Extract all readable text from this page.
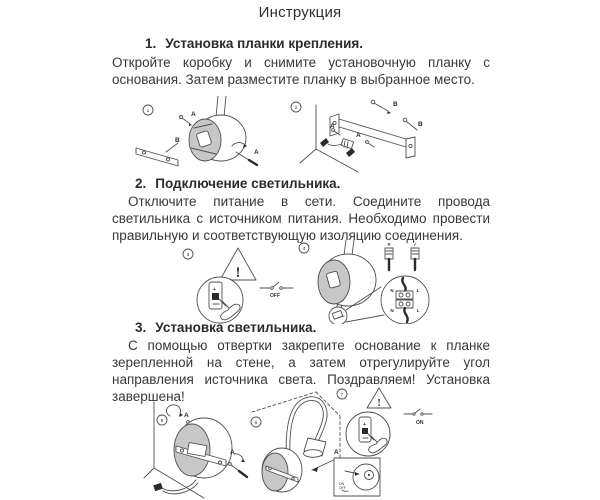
Инструкция
1. Установка планки крепления.

Откройте коробку и снимите установочную планку с основания. Затем разместите планку в выбранное место.

1	A
B
A
2
B
B
A
A
2. Подключение светильника.

Отключите питание в сети. Соедините провода светильника с источником питания. Необходимо провести правильную и соответствующую изоляцию соединения.

3
!
OFF
+
4
N	L
N	L
✕	✓
3. Установка светильника.

С помощью отвертки закрепите основание к планке зерепленной на стене, а затем отрегулируйте угол направления источника света. Поздравляем! Установка завершена!

5
A
A
6
A
7
!
ON
+
ON
OFF
